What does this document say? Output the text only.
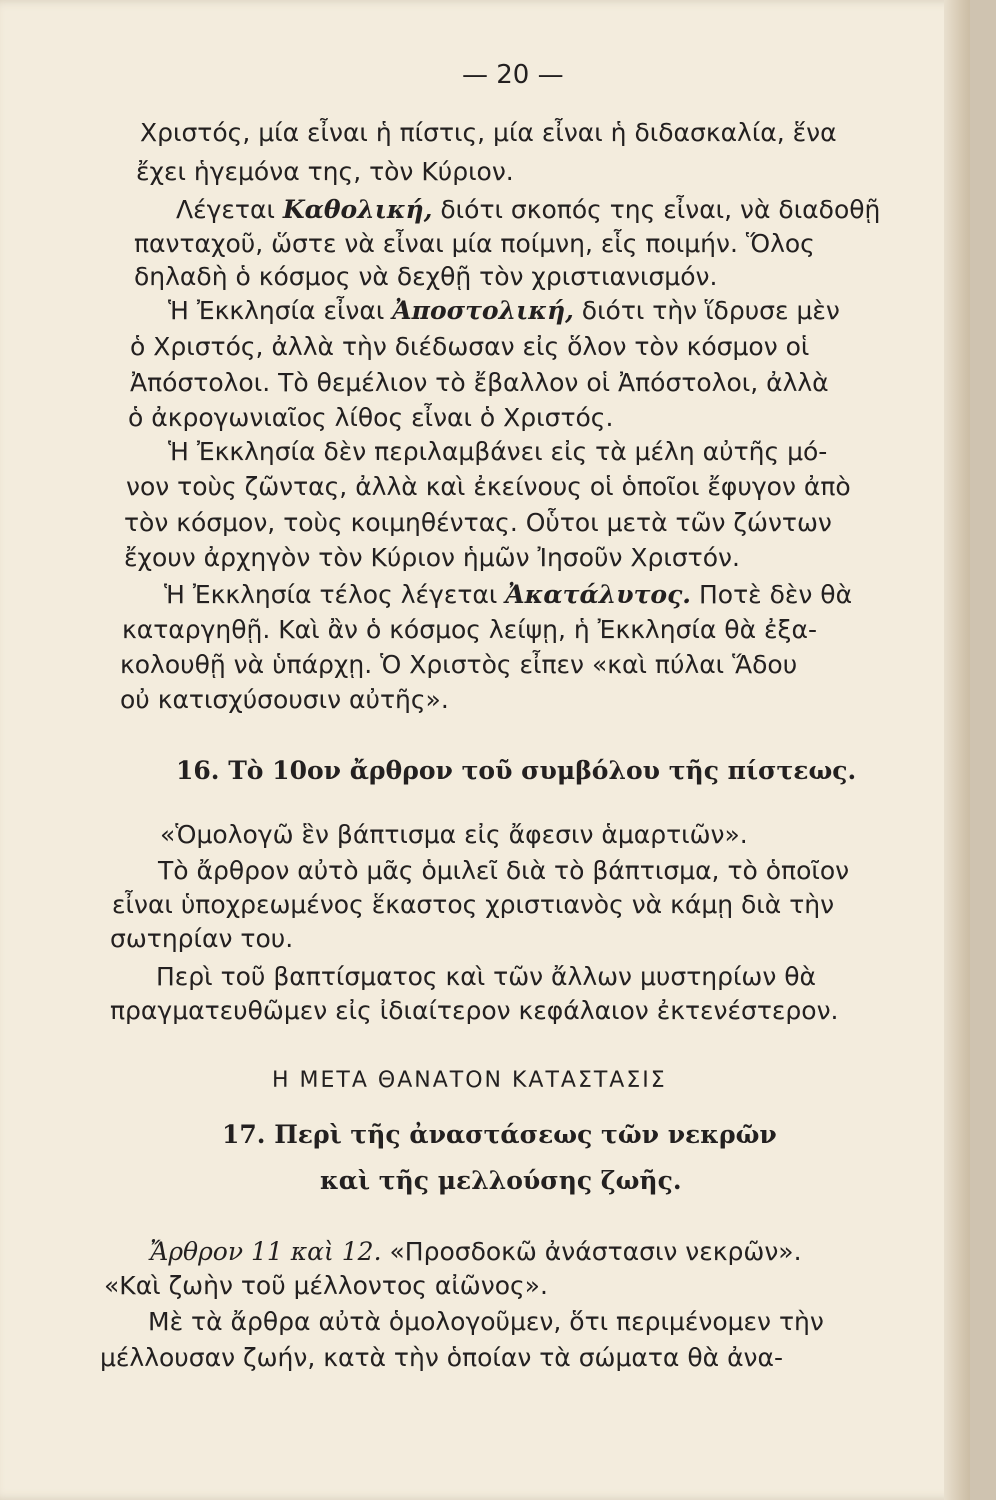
— 20 —
Χριστός, μία εἶναι ἡ πίστις, μία εἶναι ἡ διδασκαλία, ἕνα
ἔχει ἡγεμόνα της, τὸν Κύριον.
Λέγεται Καθολική, διότι σκοπός της εἶναι, νὰ διαδοθῇ
πανταχοῦ, ὥστε νὰ εἶναι μία ποίμνη, εἷς ποιμήν. Ὅλος
δηλαδὴ ὁ κόσμος νὰ δεχθῇ τὸν χριστιανισμόν.
Ἡ Ἐκκλησία εἶναι Ἀποστολική, διότι τὴν ἵδρυσε μὲν
ὁ Χριστός, ἀλλὰ τὴν διέδωσαν εἰς ὅλον τὸν κόσμον οἱ
Ἀπόστολοι. Τὸ θεμέλιον τὸ ἔβαλλον οἱ Ἀπόστολοι, ἀλλὰ
ὁ ἀκρογωνιαῖος λίθος εἶναι ὁ Χριστός.
Ἡ Ἐκκλησία δὲν περιλαμβάνει εἰς τὰ μέλη αὐτῆς μό-
νον τοὺς ζῶντας, ἀλλὰ καὶ ἐκείνους οἱ ὁποῖοι ἔφυγον ἀπὸ
τὸν κόσμον, τοὺς κοιμηθέντας. Οὗτοι μετὰ τῶν ζώντων
ἔχουν ἀρχηγὸν τὸν Κύριον ἡμῶν Ἰησοῦν Χριστόν.
Ἡ Ἐκκλησία τέλος λέγεται Ἀκατάλυτος. Ποτὲ δὲν θὰ
καταργηθῇ. Καὶ ἂν ὁ κόσμος λείψῃ, ἡ Ἐκκλησία θὰ ἐξα-
κολουθῇ νὰ ὑπάρχῃ. Ὁ Χριστὸς εἶπεν «καὶ πύλαι Ἅδου
οὐ κατισχύσουσιν αὐτῆς».
16. Τὸ 10ον ἄρθρον τοῦ συμβόλου τῆς πίστεως.
«Ὁμολογῶ ἓν βάπτισμα εἰς ἄφεσιν ἁμαρτιῶν».
Τὸ ἄρθρον αὐτὸ μᾶς ὁμιλεῖ διὰ τὸ βάπτισμα, τὸ ὁποῖον
εἶναι ὑποχρεωμένος ἕκαστος χριστιανὸς νὰ κάμῃ διὰ τὴν
σωτηρίαν του.
Περὶ τοῦ βαπτίσματος καὶ τῶν ἄλλων μυστηρίων θὰ
πραγματευθῶμεν εἰς ἰδιαίτερον κεφάλαιον ἐκτενέστερον.
Η ΜΕΤΑ ΘΑΝΑΤΟΝ ΚΑΤΑΣΤΑΣΙΣ
17. Περὶ τῆς ἀναστάσεως τῶν νεκρῶν
καὶ τῆς μελλούσης ζωῆς.
Ἄρθρον 11 καὶ 12. «Προσδοκῶ ἀνάστασιν νεκρῶν».
«Καὶ ζωὴν τοῦ μέλλοντος αἰῶνος».
Μὲ τὰ ἄρθρα αὐτὰ ὁμολογοῦμεν, ὅτι περιμένομεν τὴν
μέλλουσαν ζωήν, κατὰ τὴν ὁποίαν τὰ σώματα θὰ ἀνα-
